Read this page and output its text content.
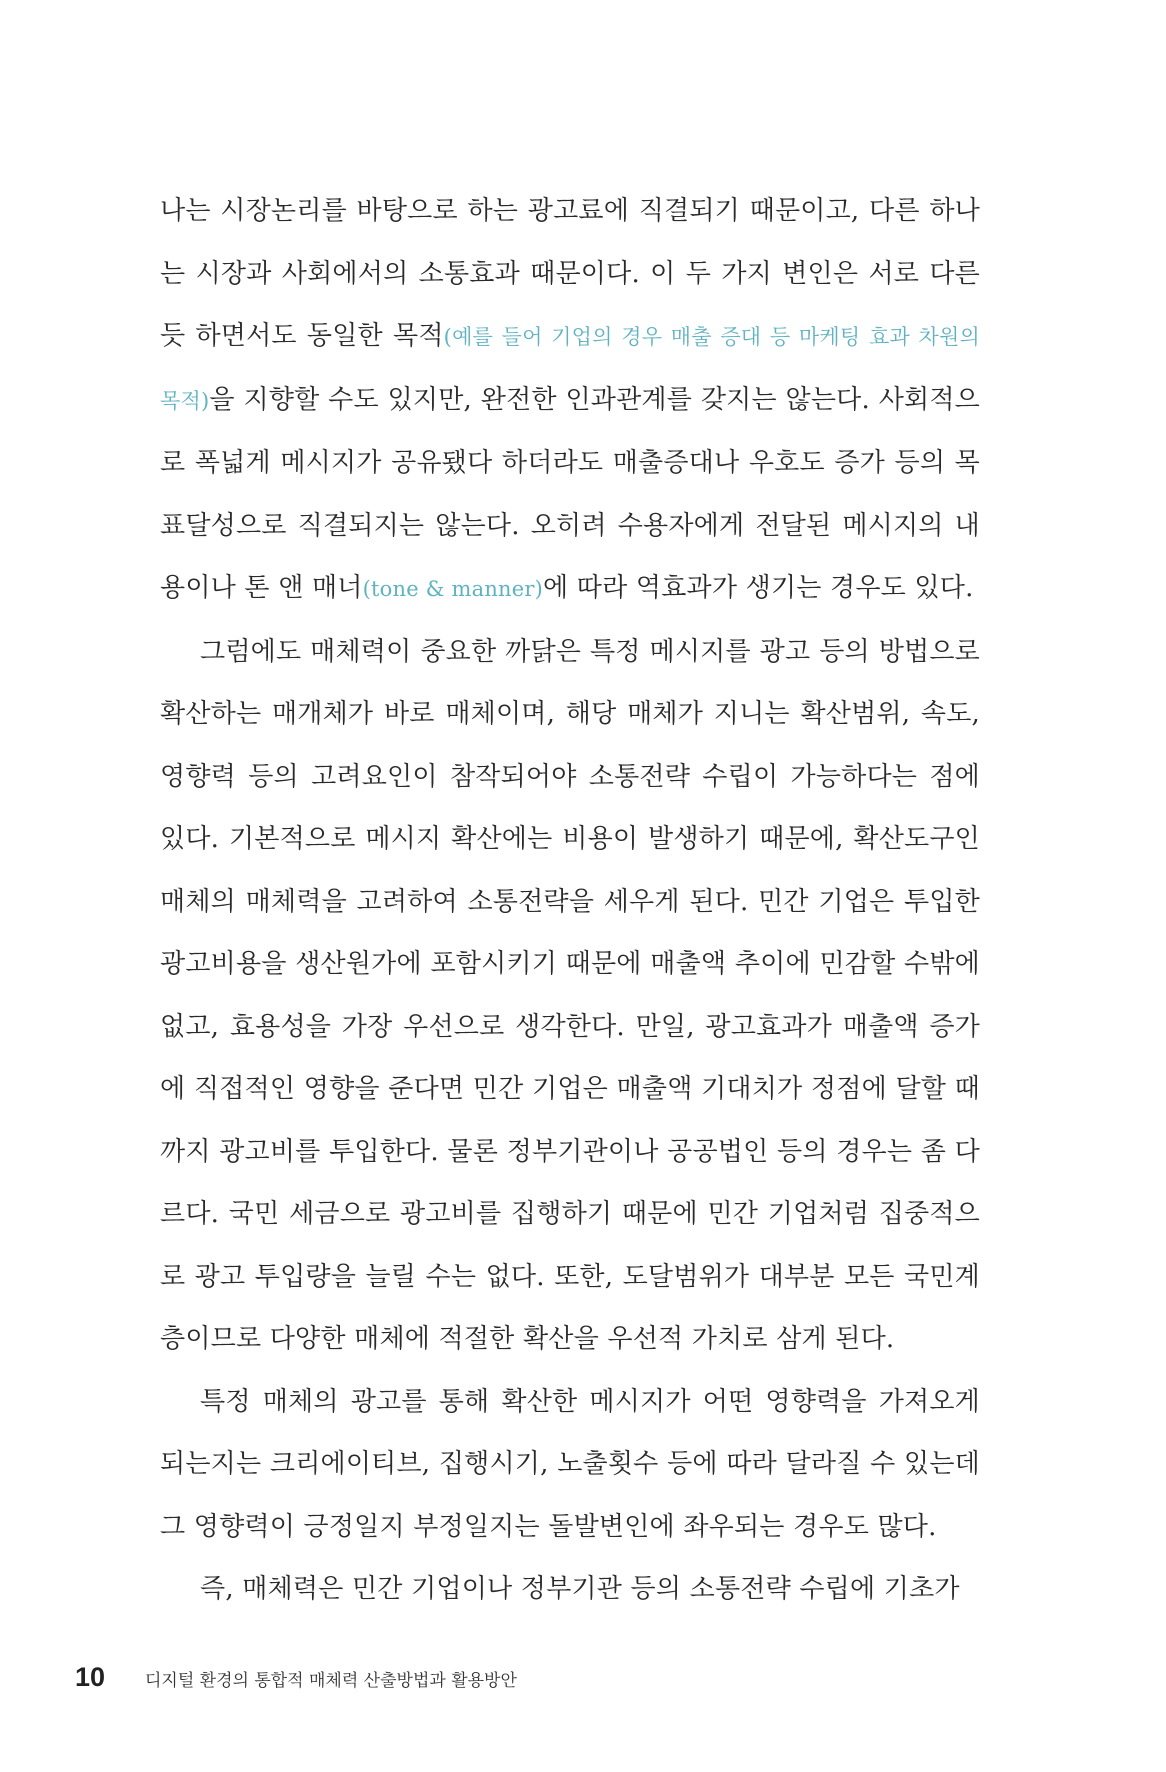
나는 시장논리를 바탕으로 하는 광고료에 직결되기 때문이고, 다른 하나는 시장과 사회에서의 소통효과 때문이다. 이 두 가지 변인은 서로 다른 듯 하면서도 동일한 목적(예를 들어 기업의 경우 매출 증대 등 마케팅 효과 차원의 목적)을 지향할 수도 있지만, 완전한 인과관계를 갖지는 않는다. 사회적으로 폭넓게 메시지가 공유됐다 하더라도 매출증대나 우호도 증가 등의 목표달성으로 직결되지는 않는다. 오히려 수용자에게 전달된 메시지의 내용이나 톤 앤 매너(tone & manner)에 따라 역효과가 생기는 경우도 있다.

그럼에도 매체력이 중요한 까닭은 특정 메시지를 광고 등의 방법으로 확산하는 매개체가 바로 매체이며, 해당 매체가 지니는 확산범위, 속도, 영향력 등의 고려요인이 참작되어야 소통전략 수립이 가능하다는 점에 있다. 기본적으로 메시지 확산에는 비용이 발생하기 때문에, 확산도구인 매체의 매체력을 고려하여 소통전략을 세우게 된다. 민간 기업은 투입한 광고비용을 생산원가에 포함시키기 때문에 매출액 추이에 민감할 수밖에 없고, 효용성을 가장 우선으로 생각한다. 만일, 광고효과가 매출액 증가에 직접적인 영향을 준다면 민간 기업은 매출액 기대치가 정점에 달할 때까지 광고비를 투입한다. 물론 정부기관이나 공공법인 등의 경우는 좀 다르다. 국민 세금으로 광고비를 집행하기 때문에 민간 기업처럼 집중적으로 광고 투입량을 늘릴 수는 없다. 또한, 도달범위가 대부분 모든 국민계층이므로 다양한 매체에 적절한 확산을 우선적 가치로 삼게 된다.

특정 매체의 광고를 통해 확산한 메시지가 어떤 영향력을 가져오게 되는지는 크리에이티브, 집행시기, 노출횟수 등에 따라 달라질 수 있는데 그 영향력이 긍정일지 부정일지는 돌발변인에 좌우되는 경우도 많다.

즉, 매체력은 민간 기업이나 정부기관 등의 소통전략 수립에 기초가

10	디지털 환경의 통합적 매체력 산출방법과 활용방안
